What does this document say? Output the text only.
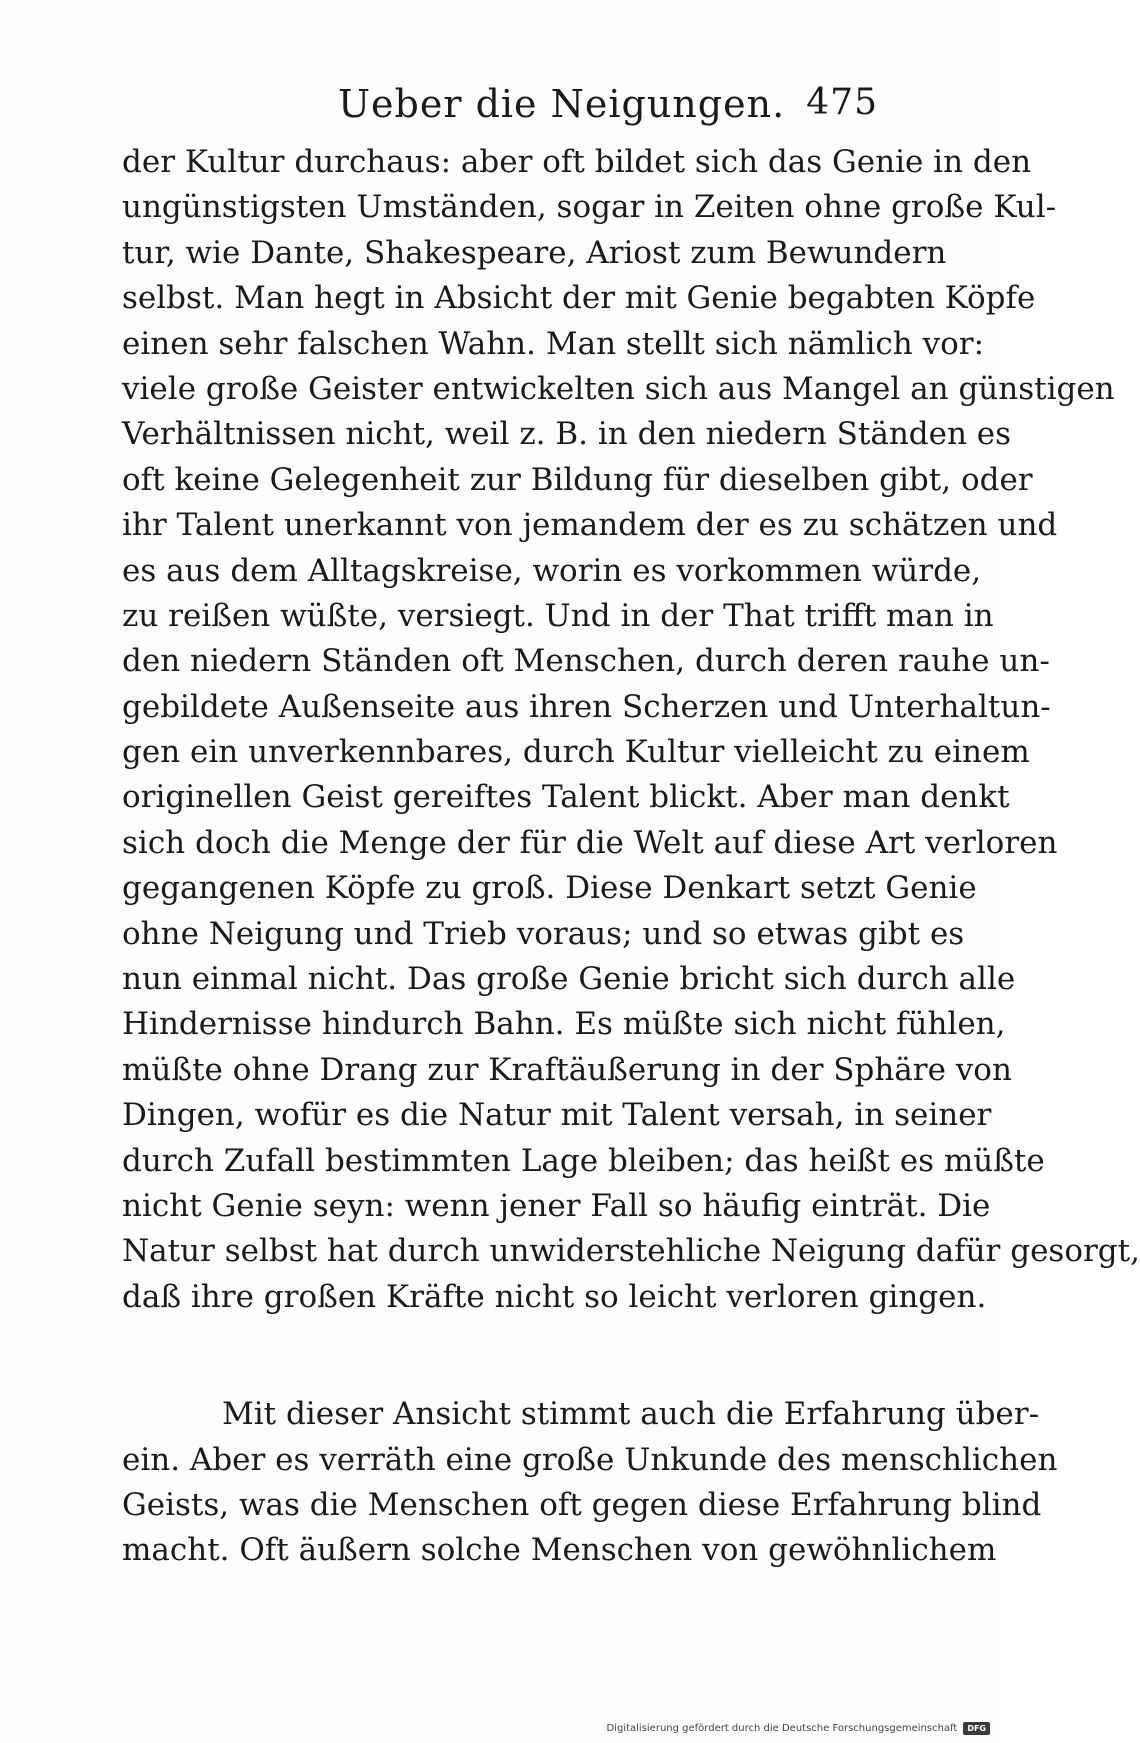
Ueber die Neigungen. 475
der Kultur durchaus: aber oft bildet sich das Genie in den
ungünstigsten Umständen, sogar in Zeiten ohne große Kul-
tur, wie Dante, Shakespeare, Ariost zum Bewundern
selbst. Man hegt in Absicht der mit Genie begabten Köpfe
einen sehr falschen Wahn. Man stellt sich nämlich vor:
viele große Geister entwickelten sich aus Mangel an günstigen
Verhältnissen nicht, weil z. B. in den niedern Ständen es
oft keine Gelegenheit zur Bildung für dieselben gibt, oder
ihr Talent unerkannt von jemandem der es zu schätzen und
es aus dem Alltagskreise, worin es vorkommen würde,
zu reißen wüßte, versiegt. Und in der That trifft man in
den niedern Ständen oft Menschen, durch deren rauhe un-
gebildete Außenseite aus ihren Scherzen und Unterhaltun-
gen ein unverkennbares, durch Kultur vielleicht zu einem
originellen Geist gereiftes Talent blickt. Aber man denkt
sich doch die Menge der für die Welt auf diese Art verloren
gegangenen Köpfe zu groß. Diese Denkart setzt Genie
ohne Neigung und Trieb voraus; und so etwas gibt es
nun einmal nicht. Das große Genie bricht sich durch alle
Hindernisse hindurch Bahn. Es müßte sich nicht fühlen,
müßte ohne Drang zur Kraftäußerung in der Sphäre von
Dingen, wofür es die Natur mit Talent versah, in seiner
durch Zufall bestimmten Lage bleiben; das heißt es müßte
nicht Genie seyn: wenn jener Fall so häufig einträt. Die
Natur selbst hat durch unwiderstehliche Neigung dafür gesorgt,
daß ihre großen Kräfte nicht so leicht verloren gingen.
Mit dieser Ansicht stimmt auch die Erfahrung über-
ein. Aber es verräth eine große Unkunde des menschlichen
Geists, was die Menschen oft gegen diese Erfahrung blind
macht. Oft äußern solche Menschen von gewöhnlichem
Digitalisierung gefördert durch die Deutsche Forschungsgemeinschaft	DFG
